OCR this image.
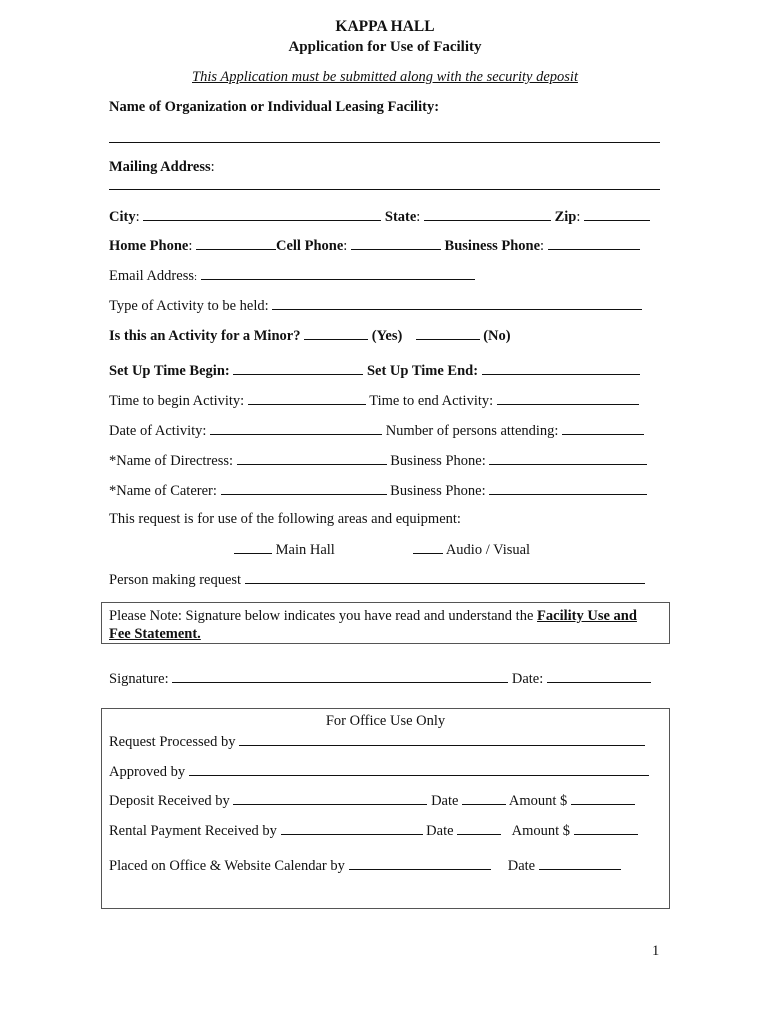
KAPPA HALL
Application for Use of Facility
This Application must be submitted along with the security deposit
Name of Organization or Individual Leasing Facility:
Mailing Address:
City:	State:	Zip:
Home Phone:	Cell Phone:	Business Phone:
Email Address:
Type of Activity to be held:
Is this an Activity for a Minor?	(Yes)	(No)
Set Up Time Begin:	Set Up Time End:
Time to begin Activity:	Time to end Activity:
Date of Activity:	Number of persons attending:
*Name of Directress:	Business Phone:
*Name of Caterer:	Business Phone:
This request is for use of the following areas and equipment:
Main Hall	Audio / Visual
Person making request
Please Note: Signature below indicates you have read and understand the Facility Use and
Fee Statement.
Signature:	Date:
For Office Use Only
Request Processed by
Approved by
Deposit Received by	Date	Amount $
Rental Payment Received by	Date	Amount $
Placed on Office & Website Calendar by	Date
1
